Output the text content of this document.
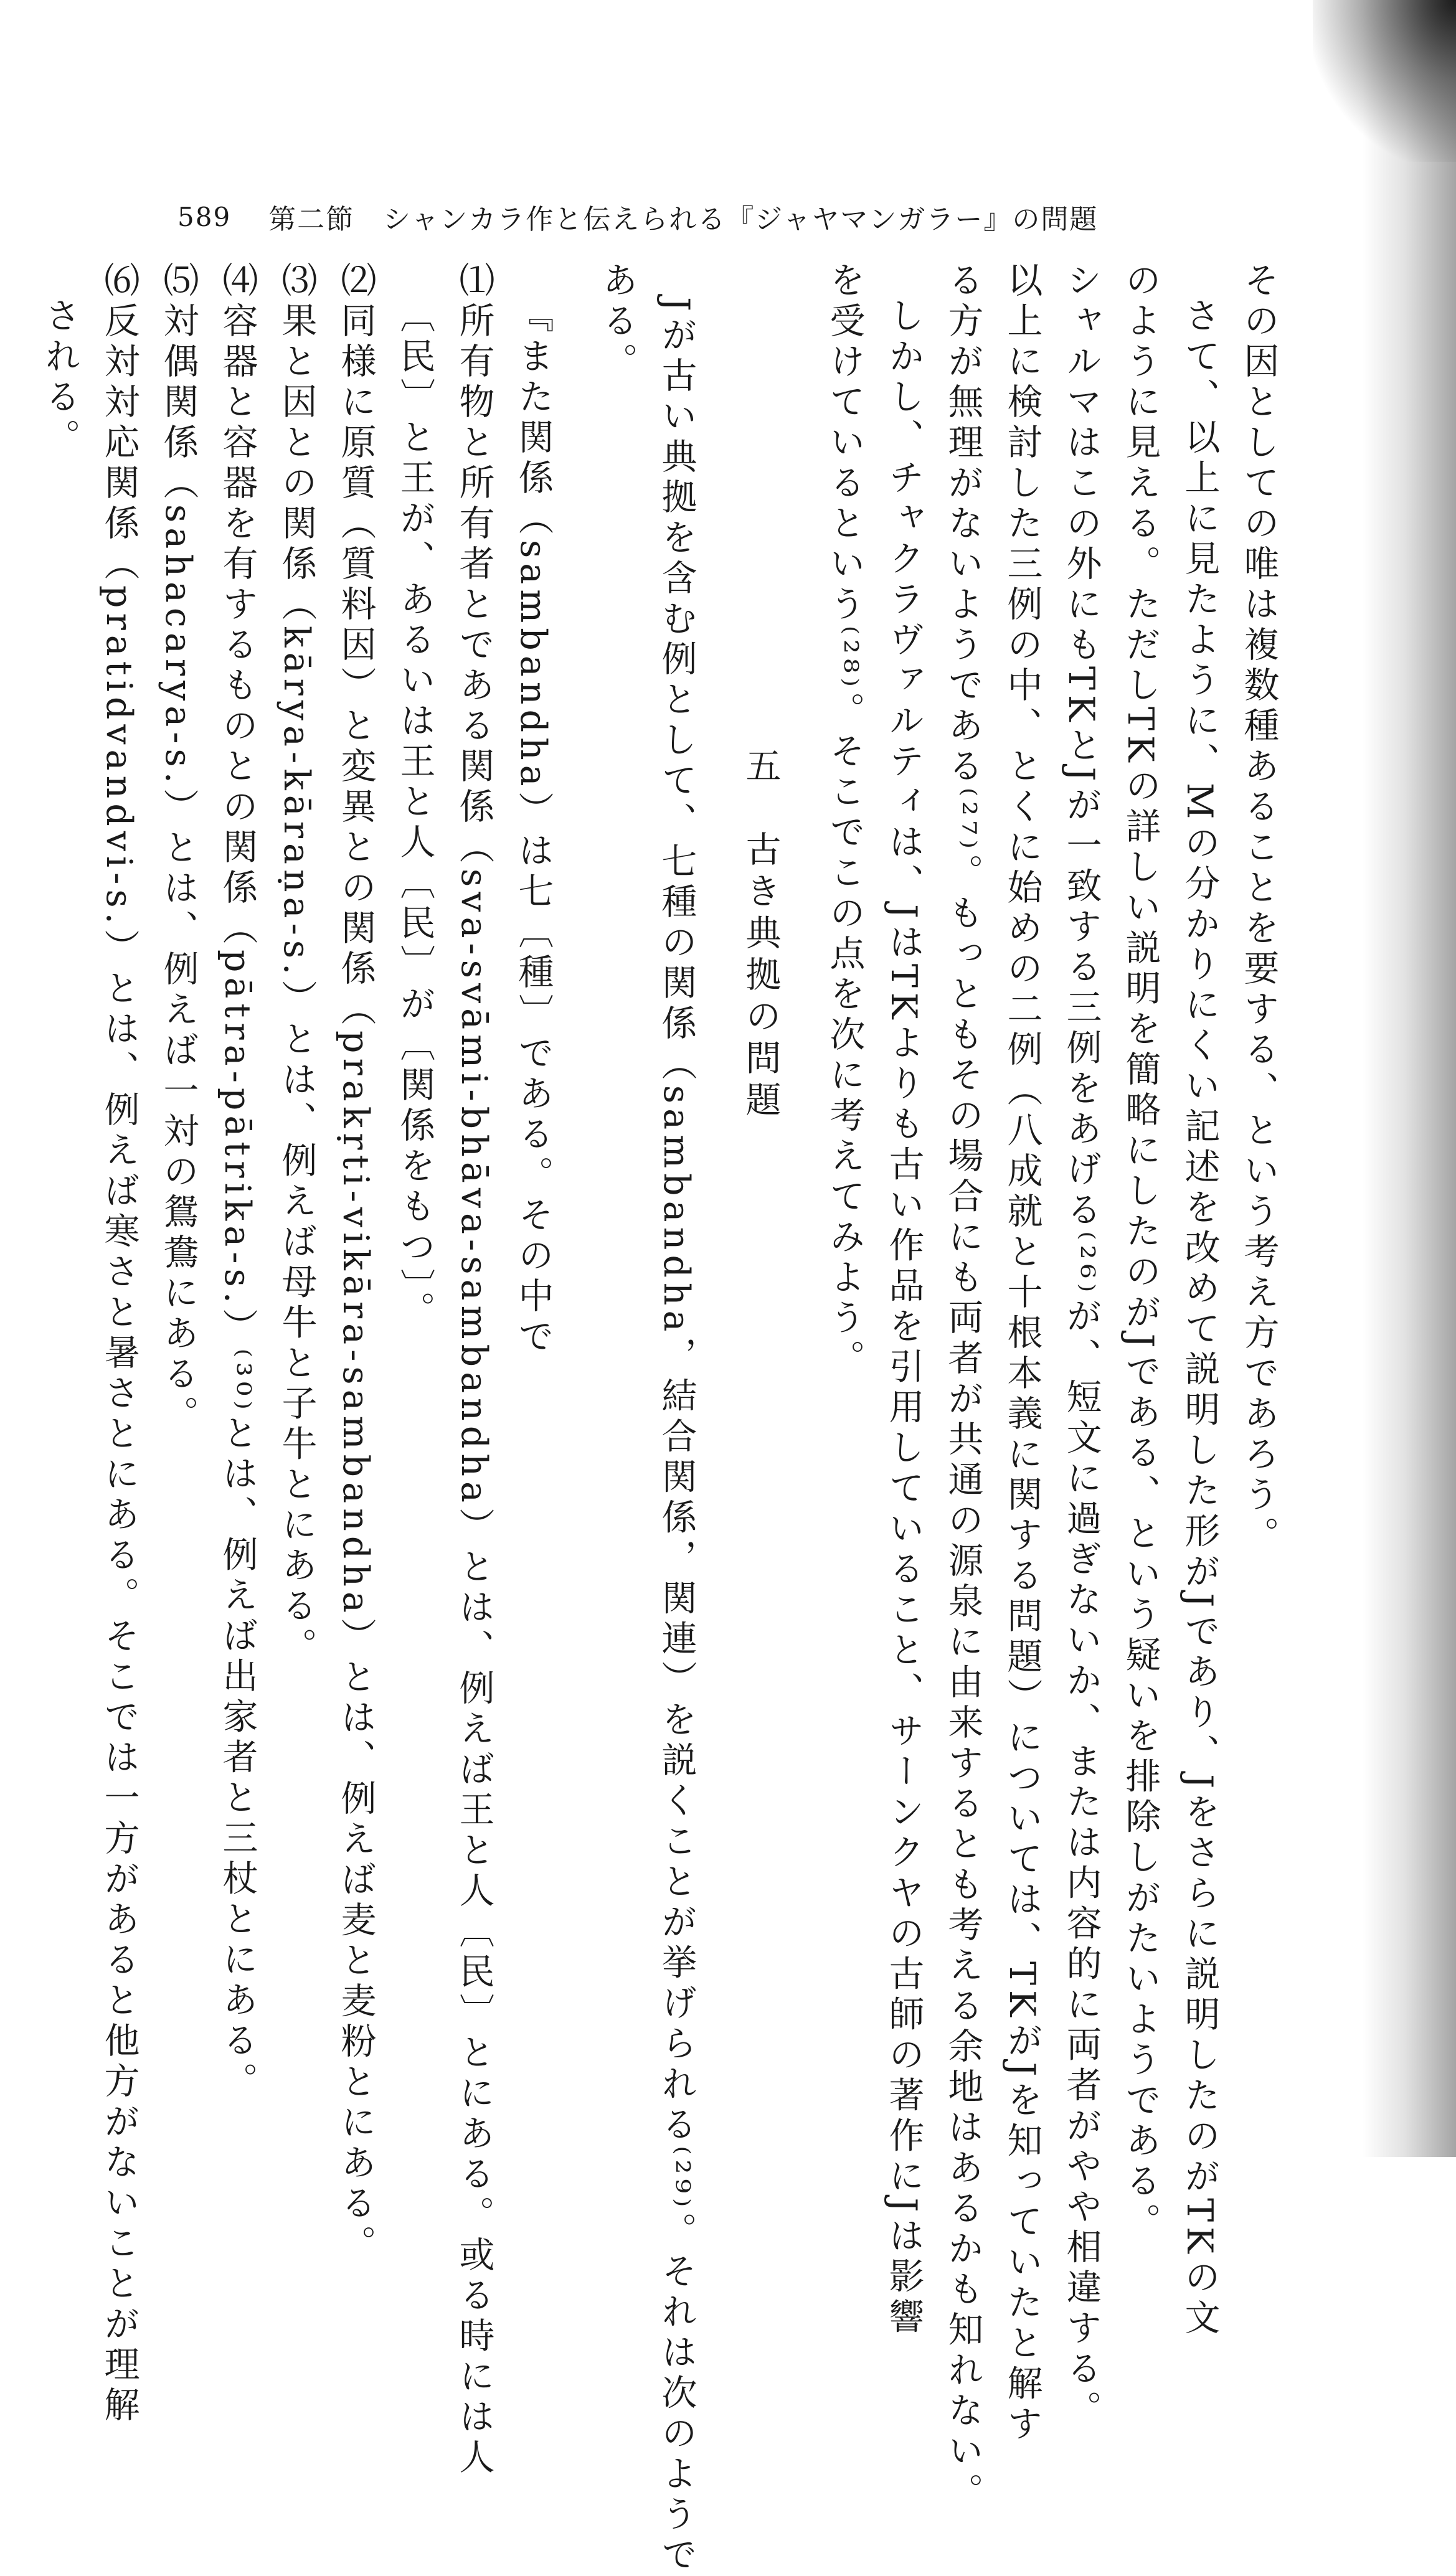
589 第二節　シャンカラ作と伝えられる『ジャヤマンガラー』の問題
その因としての唯は複数種あることを要する、という考え方であろう。
さて、以上に見たように、Mの分かりにくい記述を改めて説明した形がJであり、Jをさらに説明したのがTKの文
のように見える。ただしTKの詳しい説明を簡略にしたのがJである、という疑いを排除しがたいようである。
シャルマはこの外にもTKとJが一致する三例をあげる⁽²⁶⁾が、短文に過ぎないか、または内容的に両者がやや相違する。
以上に検討した三例の中、とくに始めの二例（八成就と十根本義に関する問題）については、TKがJを知っていたと解す
る方が無理がないようである⁽²⁷⁾。もっともその場合にも両者が共通の源泉に由来するとも考える余地はあるかも知れない。
しかし、チャクラヴァルティは、JはTKよりも古い作品を引用していること、サーンクヤの古師の著作にJは影響
を受けているという⁽²⁸⁾。そこでこの点を次に考えてみよう。
五　古き典拠の問題
Jが古い典拠を含む例として、七種の関係（sambandha，結合関係，関連）を説くことが挙げられる⁽²⁹⁾。それは次のようで
ある。
『また関係（sambandha）は七〔種〕である。その中で
⑴所有物と所有者とである関係（sva-svāmi-bhāva-sambandha）とは、例えば王と人〔民〕とにある。或る時には人
〔民〕と王が、あるいは王と人〔民〕が〔関係をもつ〕。
⑵同様に原質（質料因）と変異との関係（prakṛti-vikāra-sambandha）とは、例えば麦と麦粉とにある。
⑶果と因との関係（kārya-kāraṇa-s.）とは、例えば母牛と子牛とにある。
⑷容器と容器を有するものとの関係（pātra-pātrika-s.）⁽³⁰⁾とは、例えば出家者と三杖とにある。
⑸対偶関係（sahacarya-s.）とは、例えば一対の鴛鴦にある。
⑹反対対応関係（pratidvandvi-s.）とは、例えば寒さと暑さとにある。そこでは一方があると他方がないことが理解
される。
